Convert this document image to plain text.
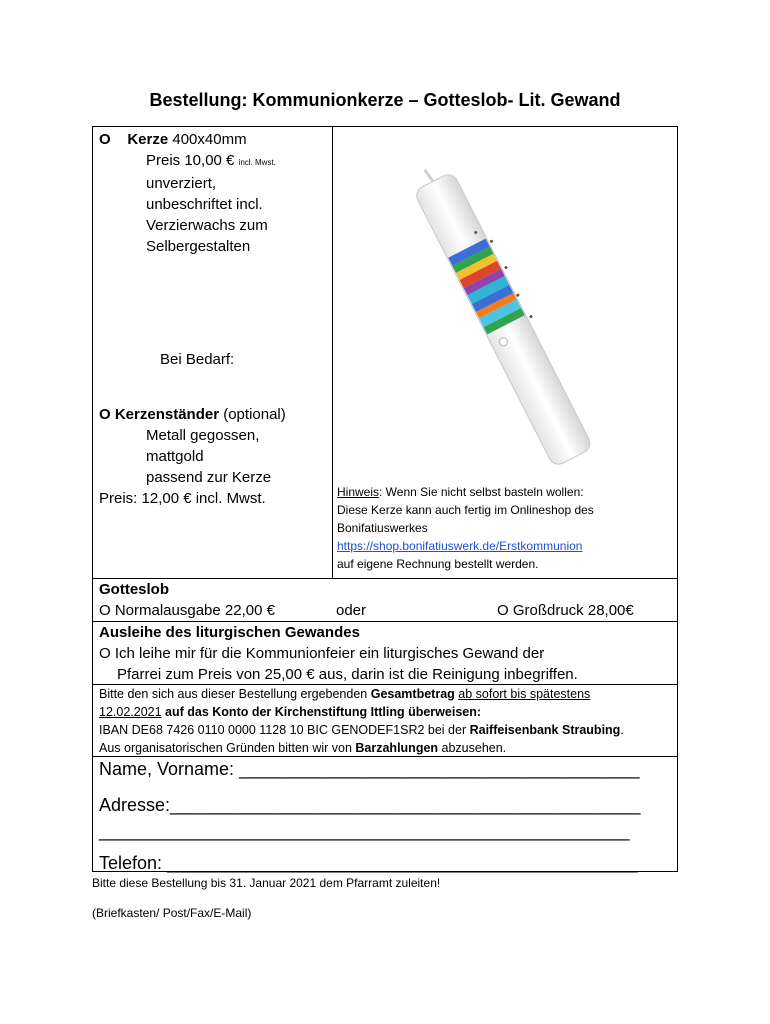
Bestellung: Kommunionkerze – Gotteslob- Lit. Gewand
O Kerze 400x40mm
Preis 10,00 € incl. Mwst.
unverziert,
unbeschriftet incl.
Verzierwachs zum
Selbergestalten
Bei Bedarf:
O Kerzenständer (optional)
Metall gegossen,
mattgold
passend zur Kerze
Preis: 12,00 € incl. Mwst.	Hinweis: Wenn Sie nicht selbst basteln wollen:
Diese Kerze kann auch fertig im Onlineshop des
Bonifatiuswerkes
https://shop.bonifatiuswerk.de/Erstkommunion
auf eigene Rechnung bestellt werden.
Gotteslob
O Normalausgabe 22,00 €	oder	O Großdruck 28,00€
Ausleihe des liturgischen Gewandes
O Ich leihe mir für die Kommunionfeier ein liturgisches Gewand der
Pfarrei zum Preis von 25,00 € aus, darin ist die Reinigung inbegriffen.
Bitte den sich aus dieser Bestellung ergebenden Gesamtbetrag ab sofort bis spätestens
12.02.2021 auf das Konto der Kirchenstiftung Ittling überweisen:
IBAN DE68 7426 0110 0000 1128 10 BIC GENODEF1SR2 bei der Raiffeisenbank Straubing.
Aus organisatorischen Gründen bitten wir von Barzahlungen abzusehen.
Name, Vorname: ________________________________________
Adresse:_______________________________________________
_____________________________________________________
Telefon: _______________________________________________
Bitte diese Bestellung bis 31. Januar 2021 dem Pfarramt zuleiten!
(Briefkasten/ Post/Fax/E-Mail)
